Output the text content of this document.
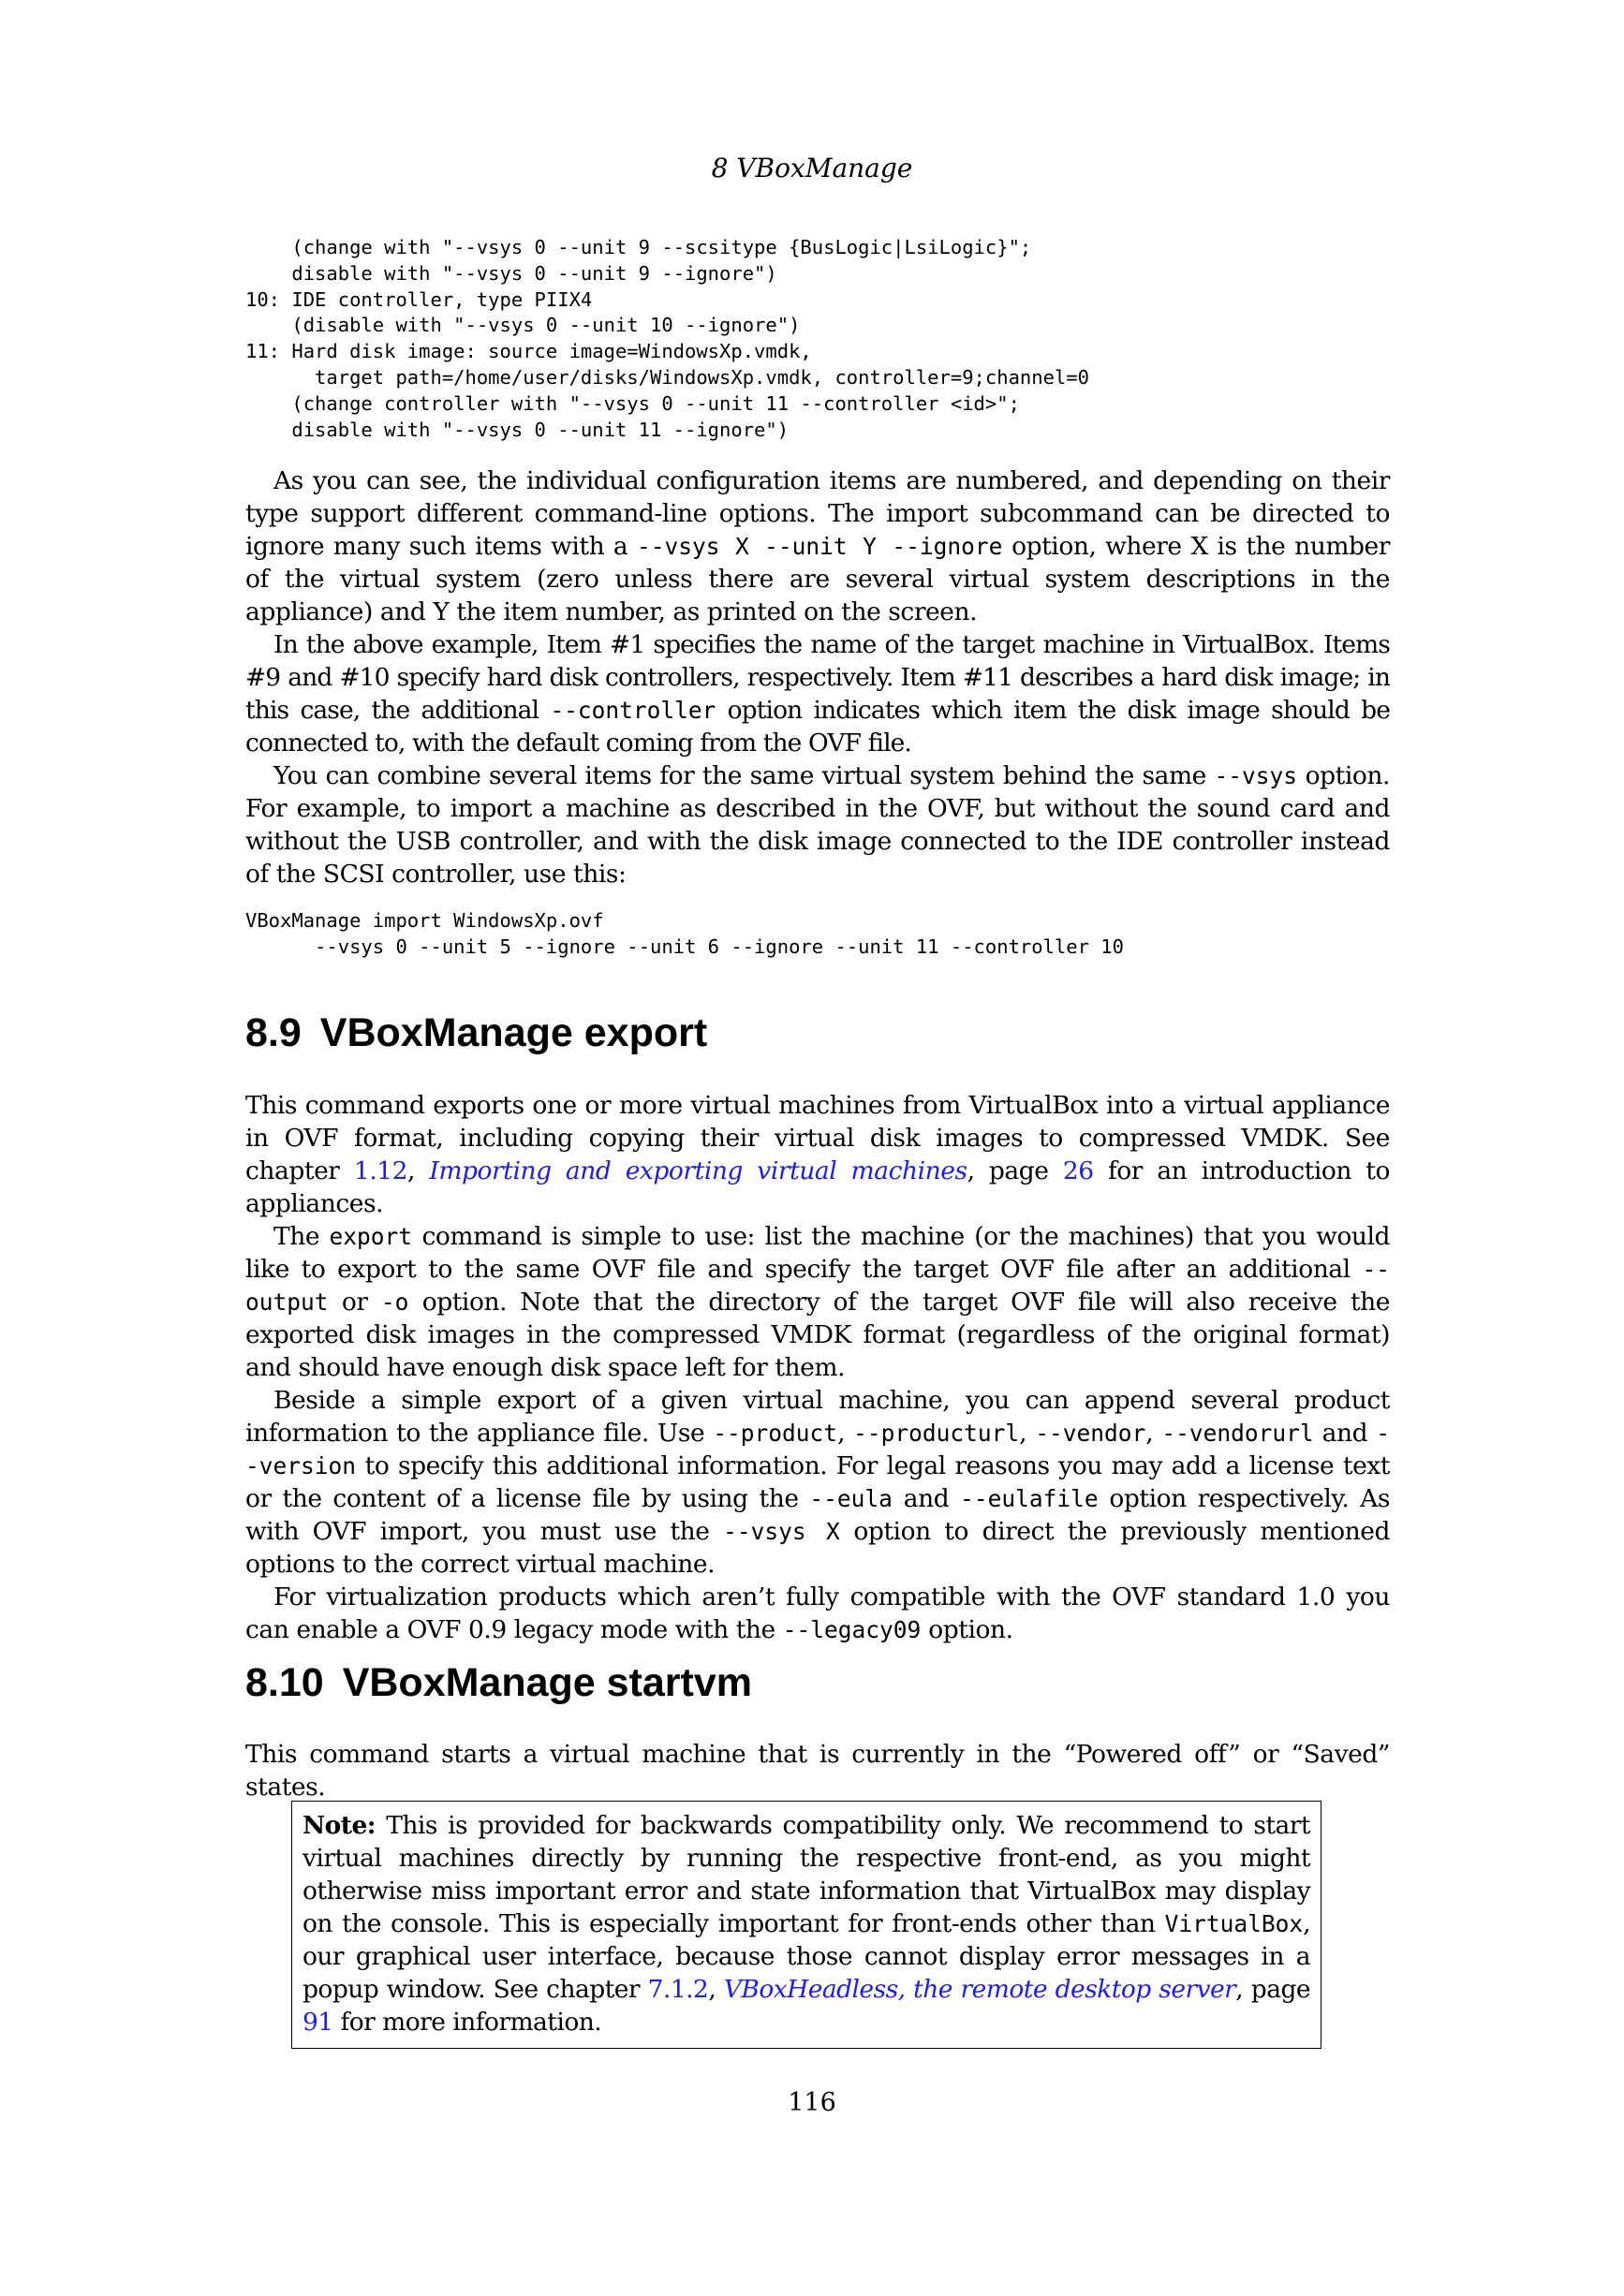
8 VBoxManage
(change with "--vsys 0 --unit 9 --scsitype {BusLogic|LsiLogic}";
disable with "--vsys 0 --unit 9 --ignore")
10: IDE controller, type PIIX4
(disable with "--vsys 0 --unit 10 --ignore")
11: Hard disk image: source image=WindowsXp.vmdk,
target path=/home/user/disks/WindowsXp.vmdk, controller=9;channel=0
(change controller with "--vsys 0 --unit 11 --controller <id>";
disable with "--vsys 0 --unit 11 --ignore")

As you can see, the individual configuration items are numbered, and depending on their type support different command-line options. The import subcommand can be directed to ignore many such items with a --vsys X --unit Y --ignore option, where X is the number of the virtual system (zero unless there are several virtual system descriptions in the appliance) and Y the item number, as printed on the screen.

In the above example, Item #1 specifies the name of the target machine in VirtualBox. Items #9 and #10 specify hard disk controllers, respectively. Item #11 describes a hard disk image; in this case, the additional --controller option indicates which item the disk image should be connected to, with the default coming from the OVF file.

You can combine several items for the same virtual system behind the same --vsys option. For example, to import a machine as described in the OVF, but without the sound card and without the USB controller, and with the disk image connected to the IDE controller instead of the SCSI controller, use this:

VBoxManage import WindowsXp.ovf
--vsys 0 --unit 5 --ignore --unit 6 --ignore --unit 11 --controller 10
8.9 VBoxManage export

This command exports one or more virtual machines from VirtualBox into a virtual appliance in OVF format, including copying their virtual disk images to compressed VMDK. See chapter 1.12, Importing and exporting virtual machines, page 26 for an introduction to appliances.

The export command is simple to use: list the machine (or the machines) that you would like to export to the same OVF file and specify the target OVF file after an additional --output or -o option. Note that the directory of the target OVF file will also receive the exported disk images in the compressed VMDK format (regardless of the original format) and should have enough disk space left for them.

Beside a simple export of a given virtual machine, you can append several product information to the appliance file. Use --product, --producturl, --vendor, --vendorurl and --version to specify this additional information. For legal reasons you may add a license text or the content of a license file by using the --eula and --eulafile option respectively. As with OVF import, you must use the --vsys X option to direct the previously mentioned options to the correct virtual machine.

For virtualization products which aren’t fully compatible with the OVF standard 1.0 you can enable a OVF 0.9 legacy mode with the --legacy09 option.

8.10 VBoxManage startvm

This command starts a virtual machine that is currently in the “Powered off” or “Saved” states.

Note: This is provided for backwards compatibility only. We recommend to start virtual machines directly by running the respective front-end, as you might otherwise miss important error and state information that VirtualBox may display on the console. This is especially important for front-ends other than VirtualBox, our graphical user interface, because those cannot display error messages in a popup window. See chapter 7.1.2, VBoxHeadless, the remote desktop server, page 91 for more information.

116
